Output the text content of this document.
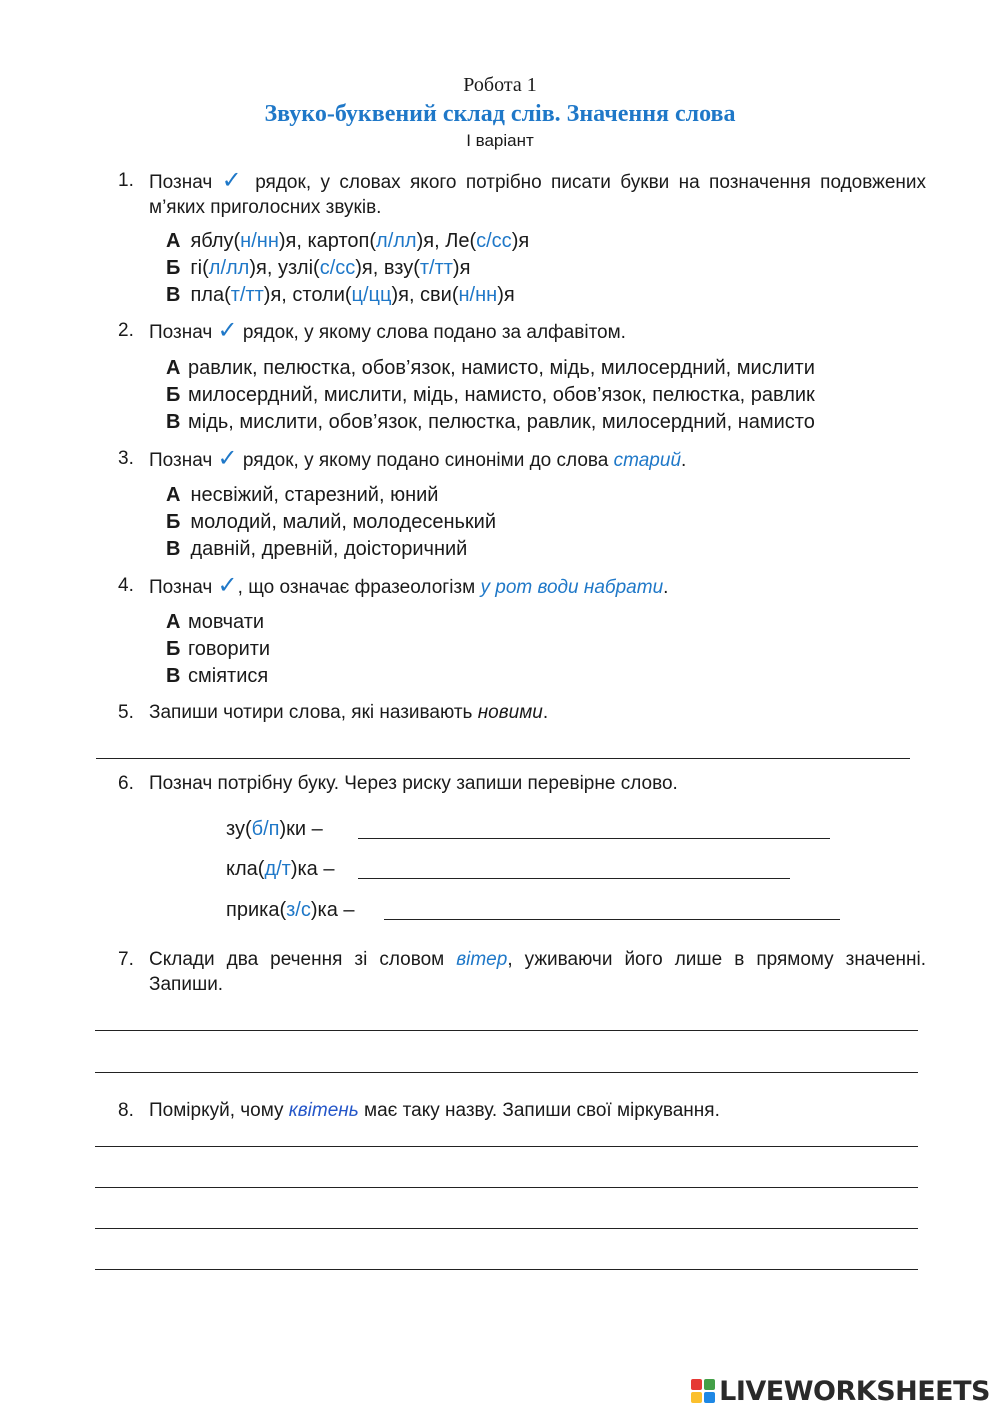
Робота 1
Звуко-буквений склад слів. Значення слова
І варіант
1. Познач ✓ рядок, у словах якого потрібно писати букви на позначення подовжених м’яких приголосних звуків.
А яблу(н/нн)я, картоп(л/лл)я, Ле(с/сс)я
Б гі(л/лл)я, узлі(с/сс)я, взу(т/тт)я
В пла(т/тт)я, столи(ц/цц)я, сви(н/нн)я
2. Познач ✓ рядок, у якому слова подано за алфавітом.
А равлик, пелюстка, обов’язок, намисто, мідь, милосердний, мислити
Б милосердний, мислити, мідь, намисто, обов’язок, пелюстка, равлик
В мідь, мислити, обов’язок, пелюстка, равлик, милосердний, намисто
3. Познач ✓ рядок, у якому подано синоніми до слова старий.
А несвіжий, старезний, юний
Б молодий, малий, молодесенький
В давній, древній, доісторичний
4. Познач ✓, що означає фразеологізм у рот води набрати.
А мовчати
Б говорити
В сміятися
5. Запиши чотири слова, які називають новими.
6. Познач потрібну буку. Через риску запиши перевірне слово.
зу(б/п)ки –
кла(д/т)ка –
прика(з/с)ка –
7. Склади два речення зі словом вітер, уживаючи його лише в прямому значенні. Запиши.
8. Поміркуй, чому квітень має таку назву. Запиши свої міркування.
LIVEWORKSHEETS
